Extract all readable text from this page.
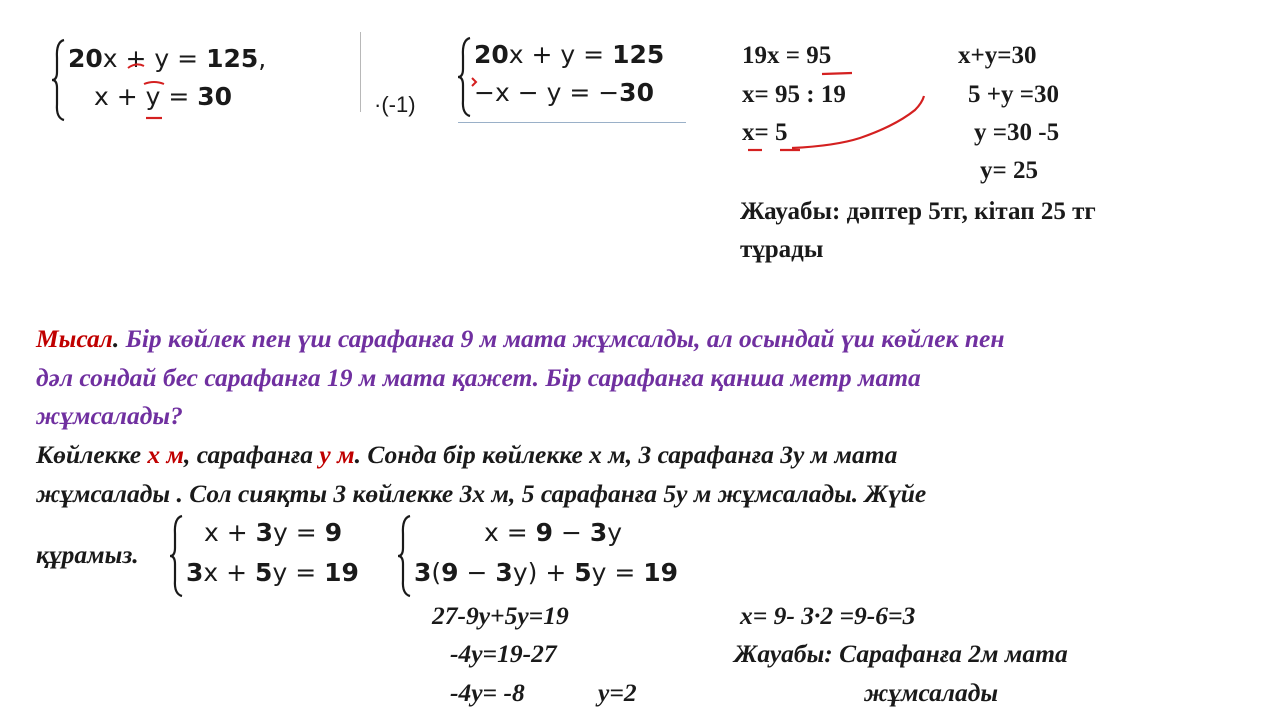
20x + y = 125,
x + y = 30	·(-1)
20x + y = 125
−x − y = −30
19x = 95
x= 95 : 19
x= 5
x+y=30
5 +y =30
y =30 -5
y= 25
Жауабы: дәптер 5тг, кітап 25 тг
тұрады
Мысал. Бір көйлек пен үш сарафанға 9 м мата жұмсалды, ал осындай үш көйлек пен
дәл сондай бес сарафанға 19 м мата қажет. Бір сарафанға қанша метр мата
жұмсалады?
Көйлекке х м, сарафанға у м. Сонда бір көйлекке х м, 3 сарафанға 3у м мата
жұмсалады . Сол сияқты 3 көйлекке 3х м, 5 сарафанға 5у м жұмсалады. Жүйе
құрамыз.
x + 3y = 9
3x + 5y = 19
x = 9 − 3y
3(9 − 3y) + 5y = 19
27-9y+5y=19
-4y=19-27
-4y= -8	y=2
x= 9- 3·2 =9-6=3
Жауабы: Сарафанға 2м мата
жұмсалады
